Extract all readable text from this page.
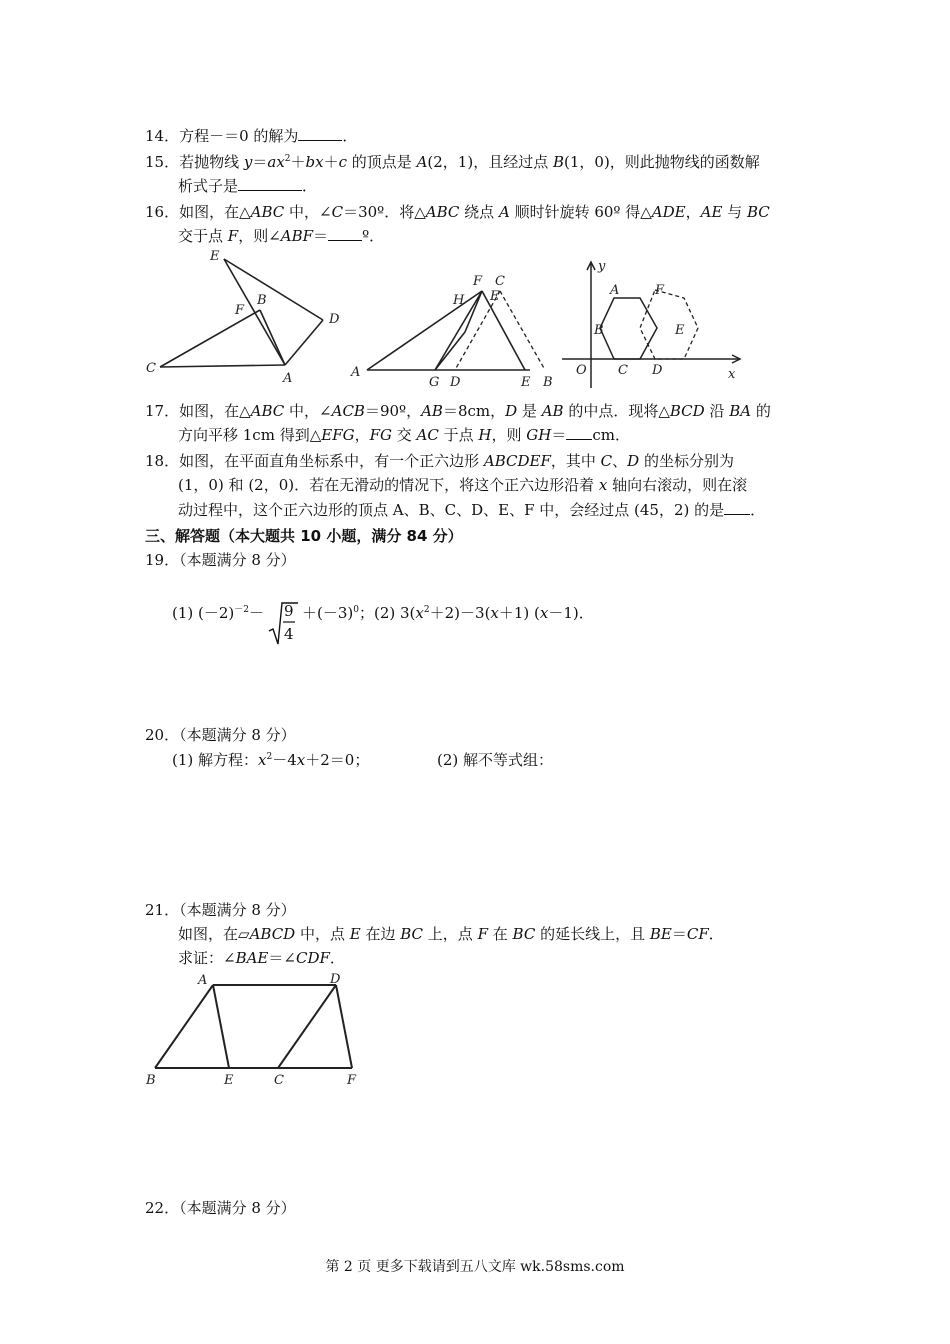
14．方程－＝0 的解为	．
15．若抛物线 $y=ax^2+bx+c$ 的顶点是 A(2，1)，且经过点 B(1，0)，则此抛物线的函数解
析式子是	．
16．如图，在△ABC 中，∠C＝30º．将△ABC 绕点 A 顺时针旋转 60º 得△ADE，AE 与 BC
交于点 F，则∠ABF＝ º．
E
B
F
D
C
A
F C
H E
A
G D	E B
y
A	F
B	E
O C D	x
17．如图，在△ABC 中，∠ACB＝90º，AB＝8cm，D 是 AB 的中点．现将△BCD 沿 BA 的
方向平移 1cm 得到△EFG，FG 交 AC 于点 H，则 GH＝ cm．
18．如图，在平面直角坐标系中，有一个正六边形 ABCDEF，其中 C、D 的坐标分别为
(1，0) 和 (2，0)．若在无滑动的情况下，将这个正六边形沿着 x 轴向右滚动，则在滚
动过程中，这个正六边形的顶点 A、B、C、D、E、F 中，会经过点 (45，2) 的是 ．
三、解答题（本大题共 10 小题，满分 84 分）
19．（本题满分 8 分）
(1) $(-2)^{-2}- 9$
4
$+(-3)^0$；(2) $3(x^2+2)-3(x+1)$ (x－1)．
20．（本题满分 8 分）
(1) 解方程：$x^2-4x+2=0$；	(2) 解不等式组：
21．（本题满分 8 分）
如图，在▱ABCD 中，点 E 在边 BC 上，点 F 在 BC 的延长线上，且 BE＝CF．
求证：∠BAE＝∠CDF．
A	D
B	E	C	F
22．（本题满分 8 分）
第 2 页 更多下载请到五八文库 wk.58sms.com
